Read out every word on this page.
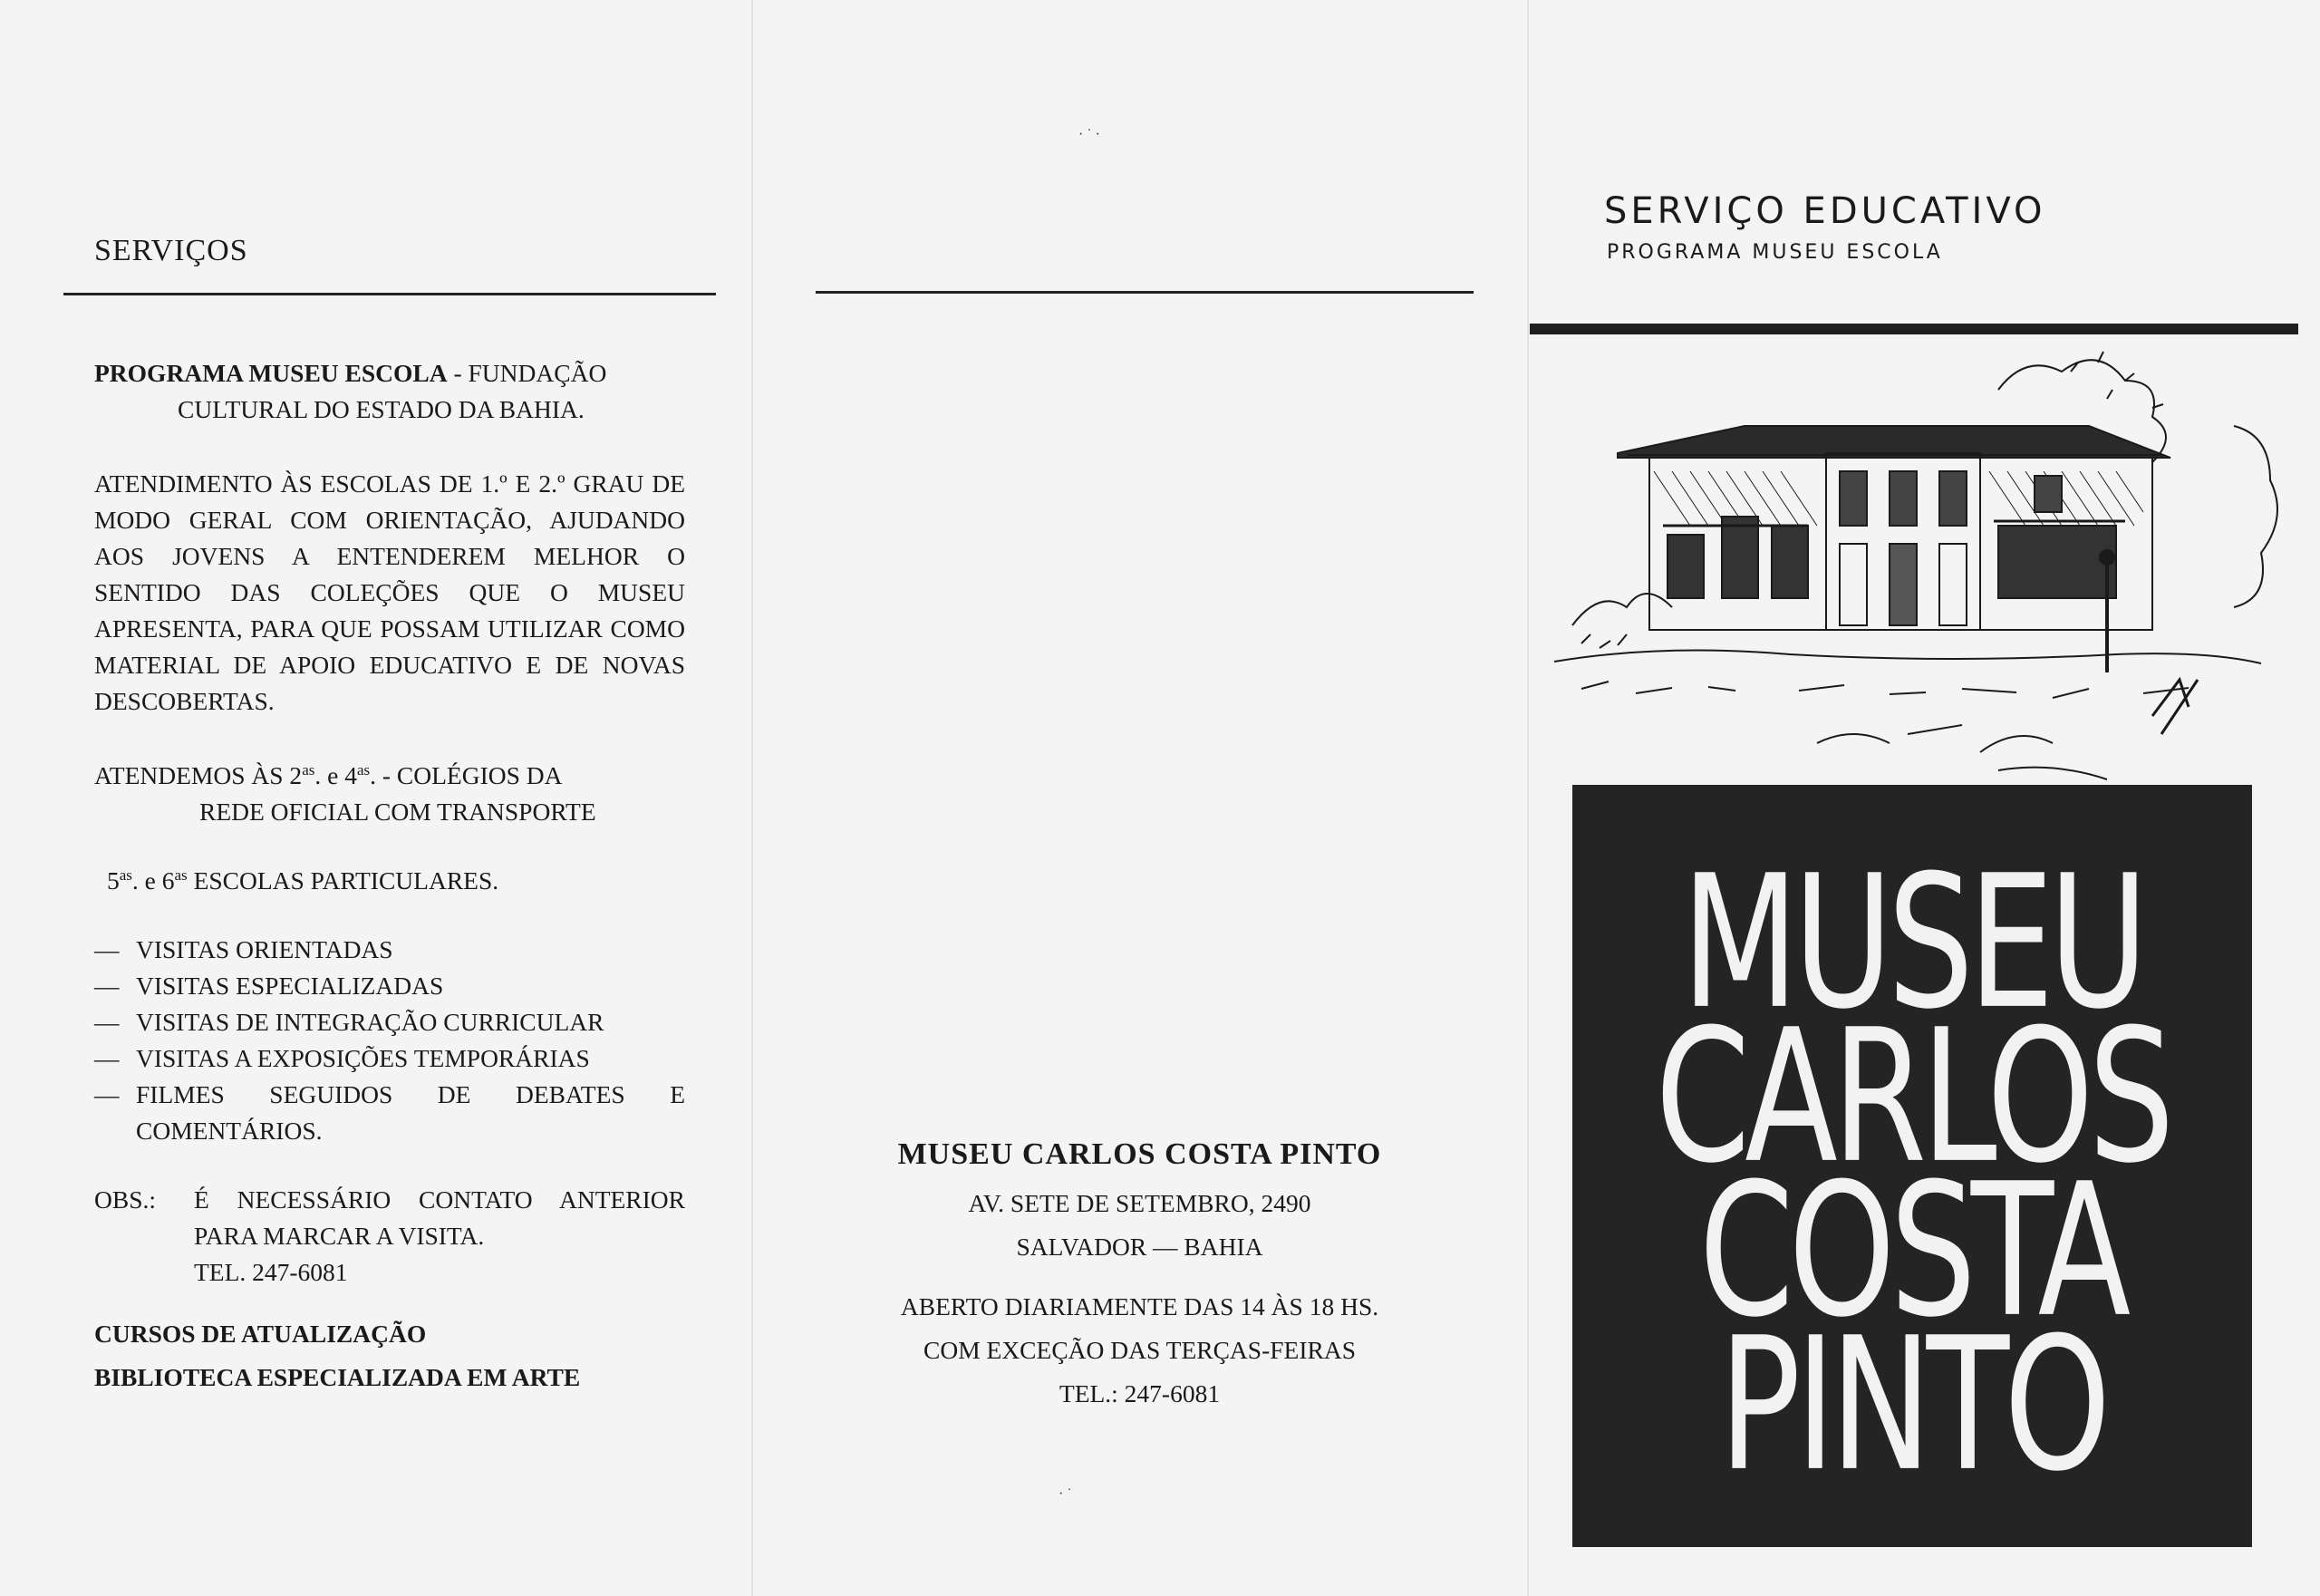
SERVIÇOS

PROGRAMA MUSEU ESCOLA - FUNDAÇÃO

CULTURAL DO ESTADO DA BAHIA.

ATENDIMENTO ÀS ESCOLAS DE 1.º E 2.º GRAU DE MODO GERAL COM ORIENTAÇÃO, AJUDANDO AOS JOVENS A ENTENDEREM MELHOR O SENTIDO DAS COLEÇÕES QUE O MUSEU APRESENTA, PARA QUE POSSAM UTILIZAR COMO MATERIAL DE APOIO EDUCATIVO E DE NOVAS DESCOBERTAS.

ATENDEMOS ÀS $2^{as}$. e $4^{as}$. - COLÉGIOS DA

REDE OFICIAL COM TRANSPORTE

$5^{as}$. e $6^{as}$ ESCOLAS PARTICULARES.

— VISITAS ORIENTADAS
— VISITAS ESPECIALIZADAS
— VISITAS DE INTEGRAÇÃO CURRICULAR
— VISITAS A EXPOSIÇÕES TEMPORÁRIAS
— FILMES SEGUIDOS DE DEBATES E COMENTÁRIOS.
OBS.:	É NECESSÁRIO CONTATO ANTERIOR PARA MARCAR A VISITA.
TEL. 247-6081

CURSOS DE ATUALIZAÇÃO

BIBLIOTECA ESPECIALIZADA EM ARTE

· ˙ ·
· ˙
MUSEU CARLOS COSTA PINTO
AV. SETE DE SETEMBRO, 2490
SALVADOR — BAHIA
ABERTO DIARIAMENTE DAS 14 ÀS 18 HS.
COM EXCEÇÃO DAS TERÇAS-FEIRAS
TEL.: 247-6081
SERVIÇO EDUCATIVO
PROGRAMA MUSEU ESCOLA
MUSEU
CARLOS
COSTA
PINTO
